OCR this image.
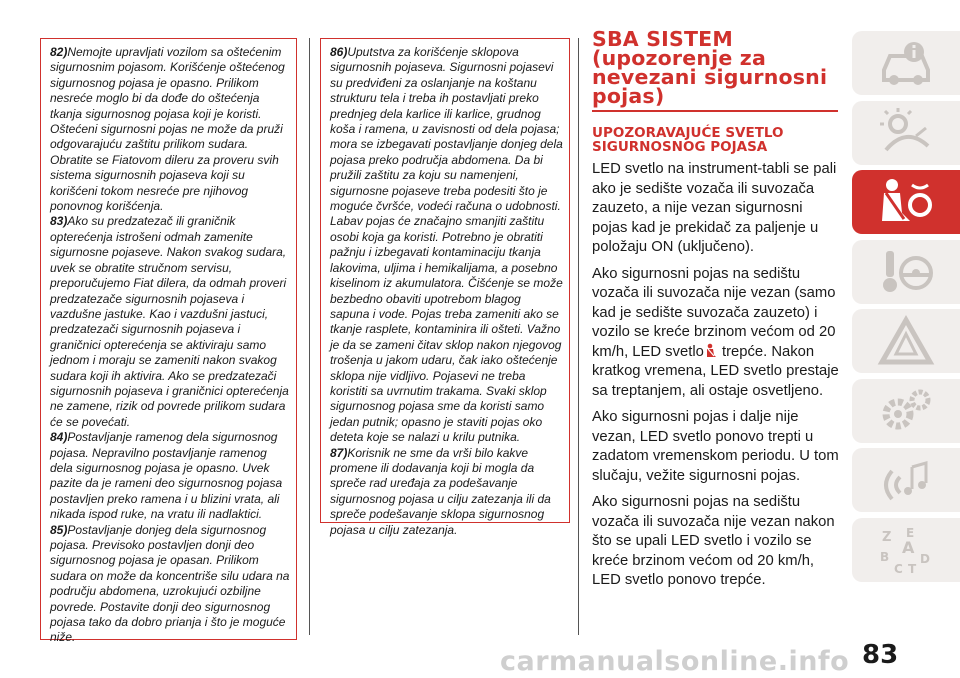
82)Nemojte upravljati vozilom sa oštećenim sigurnosnim pojasom. Korišćenje oštećenog sigurnosnog pojasa je opasno. Prilikom nesreće moglo bi da dođe do oštećenja tkanja sigurnosnog pojasa koji je koristi. Oštećeni sigurnosni pojas ne može da pruži odgovarajuću zaštitu prilikom sudara. Obratite se Fiatovom dileru za proveru svih sistema sigurnosnih pojaseva koji su korišćeni tokom nesreće pre njihovog ponovnog korišćenja.

83)Ako su predzatezač ili graničnik opterećenja istrošeni odmah zamenite sigurnosne pojaseve. Nakon svakog sudara, uvek se obratite stručnom servisu, preporučujemo Fiat dilera, da odmah proveri predzatezače sigurnosnih pojaseva i vazdušne jastuke. Kao i vazdušni jastuci, predzatezači sigurnosnih pojaseva i graničnici opterećenja se aktiviraju samo jednom i moraju se zameniti nakon svakog sudara koji ih aktivira. Ako se predzatezači sigurnosnih pojaseva i graničnici opterećenja ne zamene, rizik od povrede prilikom sudara će se povećati.

84)Postavljanje ramenog dela sigurnosnog pojasa. Nepravilno postavljanje ramenog dela sigurnosnog pojasa je opasno. Uvek pazite da je rameni deo sigurnosnog pojasa postavljen preko ramena i u blizini vrata, ali nikada ispod ruke, na vratu ili nadlaktici.

85)Postavljanje donjeg dela sigurnosnog pojasa. Previsoko postavljen donji deo sigurnosnog pojasa je opasan. Prilikom sudara on može da koncentriše silu udara na području abdomena, uzrokujući ozbiljne povrede. Postavite donji deo sigurnosnog pojasa tako da dobro prianja i što je moguće niže.

86)Uputstva za korišćenje sklopova sigurnosnih pojaseva. Sigurnosni pojasevi su predviđeni za oslanjanje na koštanu strukturu tela i treba ih postavljati preko prednjeg dela karlice ili karlice, grudnog koša i ramena, u zavisnosti od dela pojasa; mora se izbegavati postavljanje donjeg dela pojasa preko područja abdomena. Da bi pružili zaštitu za koju su namenjeni, sigurnosne pojaseve treba podesiti što je moguće čvršće, vodeći računa o udobnosti. Labav pojas će značajno smanjiti zaštitu osobi koja ga koristi. Potrebno je obratiti pažnju i izbegavati kontaminaciju tkanja lakovima, uljima i hemikalijama, a posebno kiselinom iz akumulatora. Čišćenje se može bezbedno obaviti upotrebom blagog sapuna i vode. Pojas treba zameniti ako se tkanje rasplete, kontaminira ili ošteti. Važno je da se zameni čitav sklop nakon njegovog trošenja u jakom udaru, čak iako oštećenje sklopa nije vidljivo. Pojasevi ne treba koristiti sa uvrnutim trakama. Svaki sklop sigurnosnog pojasa sme da koristi samo jedan putnik; opasno je staviti pojas oko deteta koje se nalazi u krilu putnika.

87)Korisnik ne sme da vrši bilo kakve promene ili dodavanja koji bi mogla da spreče rad uređaja za podešavanje sigurnosnog pojasa u cilju zatezanja ili da spreče podešavanje sklopa sigurnosnog pojasa u cilju zatezanja.

SBA SISTEM (upozorenje za nevezani sigurnosni pojas)
UPOZORAVAJUĆE SVETLO SIGURNOSNOG POJASA

LED svetlo na instrument-tabli se pali ako je sedište vozača ili suvozača zauzeto, a nije vezan sigurnosni pojas kad je prekidač za paljenje u položaju ON (uključeno).

Ako sigurnosni pojas na sedištu vozača ili suvozača nije vezan (samo kad je sedište suvozača zauzeto) i vozilo se kreće brzinom većom od 20 km/h, LED svetlo trepće. Nakon kratkog vremena, LED svetlo prestaje sa treptanjem, ali ostaje osvetljeno.

Ako sigurnosni pojas i dalje nije vezan, LED svetlo ponovo trepti u zadatom vremenskom periodu. U tom slučaju, vežite sigurnosni pojas.

Ako sigurnosni pojas na sedištu vozača ili suvozača nije vezan nakon što se upali LED svetlo i vozilo se kreće brzinom većom od 20 km/h, LED svetlo ponovo trepće.

Z E
A
B
C T
D
carmanualsonline.info 83
